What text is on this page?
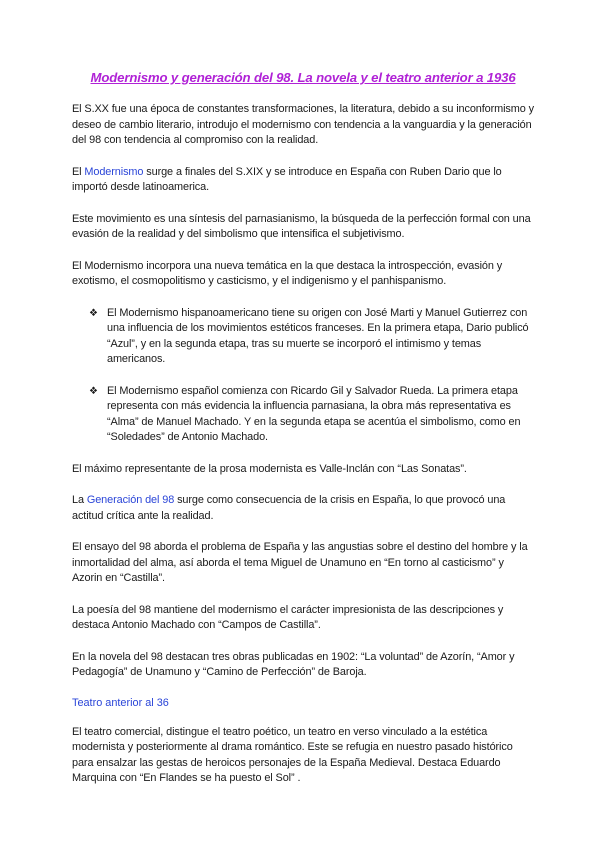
Modernismo y generación del 98. La novela y el teatro anterior a 1936

El S.XX fue una época de constantes transformaciones, la literatura, debido a su inconformismo y deseo de cambio literario, introdujo el modernismo con tendencia a la vanguardia y la generación del 98 con tendencia al compromiso con la realidad.

El Modernismo surge a finales del S.XIX y se introduce en España con Ruben Dario que lo importó desde latinoamerica.

Este movimiento es una síntesis del parnasianismo, la búsqueda de la perfección formal con una evasión de la realidad y del simbolismo que intensifica el subjetivismo.

El Modernismo incorpora una nueva temática en la que destaca la introspección, evasión y exotismo, el cosmopolitismo y casticismo, y el indigenismo y el panhispanismo.

❖ El Modernismo hispanoamericano tiene su origen con José Marti y Manuel Gutierrez con una influencia de los movimientos estéticos franceses. En la primera etapa, Dario publicó “Azul”, y en la segunda etapa, tras su muerte se incorporó el intimismo y temas americanos.
❖ El Modernismo español comienza con Ricardo Gil y Salvador Rueda. La primera etapa representa con más evidencia la influencia parnasiana, la obra más representativa es “Alma” de Manuel Machado. Y en la segunda etapa se acentúa el simbolismo, como en “Soledades” de Antonio Machado.

El máximo representante de la prosa modernista es Valle-Inclán con “Las Sonatas”.

La Generación del 98 surge como consecuencia de la crisis en España, lo que provocó una actitud crítica ante la realidad.

El ensayo del 98 aborda el problema de España y las angustias sobre el destino del hombre y la inmortalidad del alma, así aborda el tema Miguel de Unamuno en “En torno al casticismo” y Azorin en “Castilla”.

La poesía del 98 mantiene del modernismo el carácter impresionista de las descripciones y destaca Antonio Machado con “Campos de Castilla”.

En la novela del 98 destacan tres obras publicadas en 1902: “La voluntad” de Azorín, “Amor y Pedagogía” de Unamuno y “Camino de Perfección” de Baroja.

Teatro anterior al 36

El teatro comercial, distingue el teatro poético, un teatro en verso vinculado a la estética modernista y posteriormente al drama romántico. Este se refugia en nuestro pasado histórico para ensalzar las gestas de heroicos personajes de la España Medieval. Destaca Eduardo Marquina con “En Flandes se ha puesto el Sol” .
